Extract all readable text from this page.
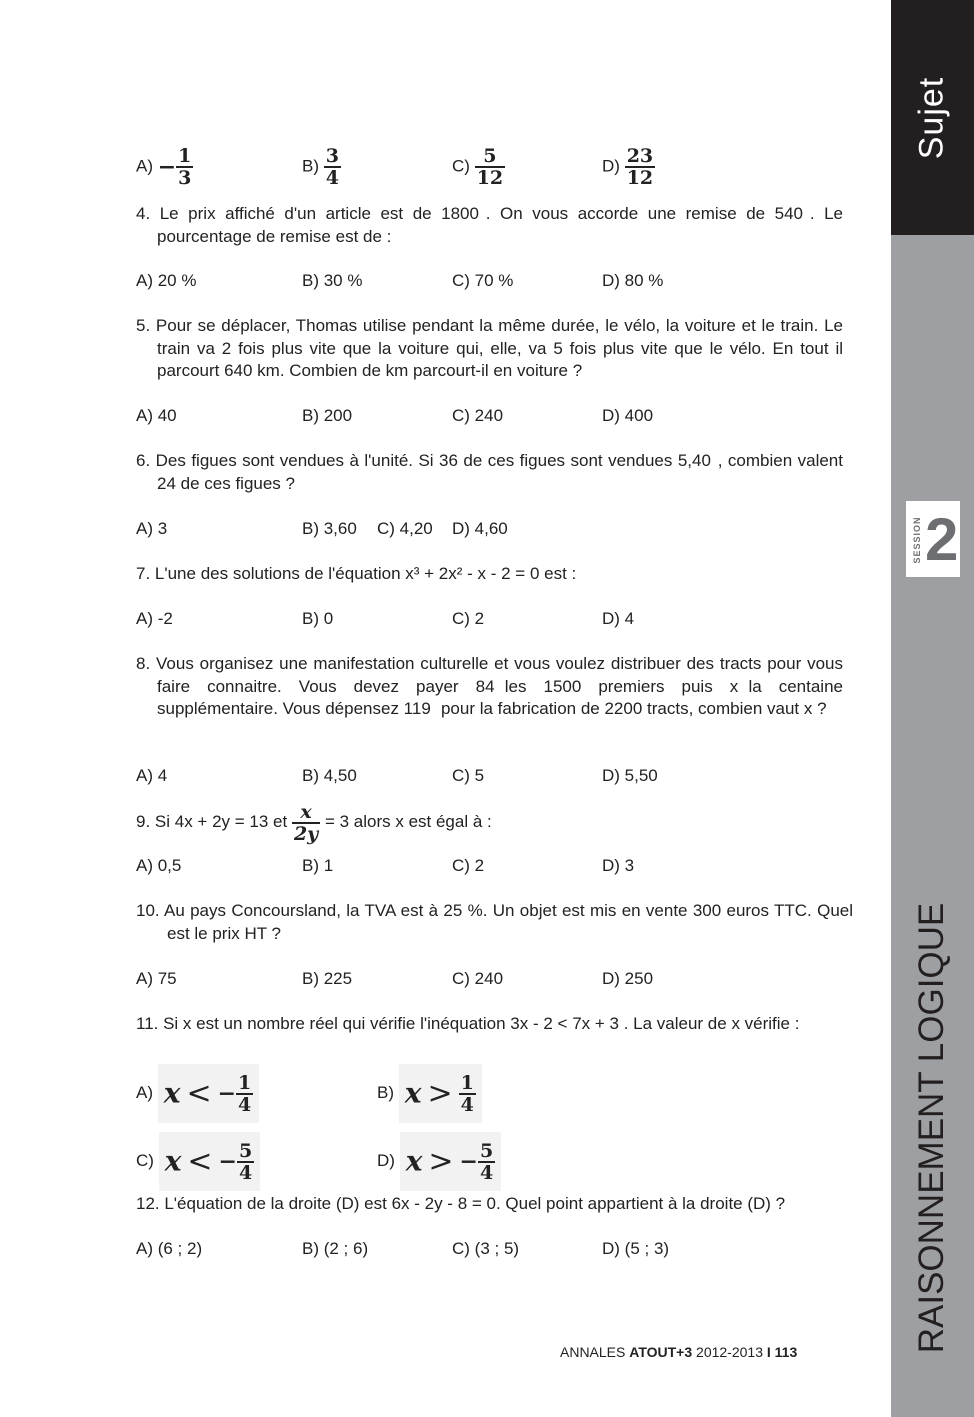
Sujet
SESSION 2
RAISONNEMENT LOGIQUE
$A) - \frac{1}{3}$	$B) \frac{3}{4}$	$C) \frac{5}{12}$	$D) \frac{23}{12}$
4. Le prix affiché d'un article est de 1800  . On vous accorde une remise de 540  . Le pourcentage de remise est de :
A) 20 %	B) 30 %	C) 70 %	D) 80 %
5. Pour se déplacer, Thomas utilise pendant la même durée, le vélo, la voiture et le train. Le train va 2 fois plus vite que la voiture qui, elle, va 5 fois plus vite que le vélo. En tout il parcourt 640 km. Combien de km parcourt-il en voiture ?
A) 40	B) 200	C) 240	D) 400
6. Des figues sont vendues à l'unité. Si 36 de ces figues sont vendues 5,40  , combien valent 24 de ces figues ?
A) 3	B) 3,60 C) 4,20 D) 4,60
7. L'une des solutions de l'équation x³ + 2x² - x - 2 = 0 est :
A) -2	B) 0	C) 2	D) 4
8. Vous organisez une manifestation culturelle et vous voulez distribuer des tracts pour vous faire connaitre. Vous devez payer 84   les 1500 premiers puis x   la centaine supplémentaire. Vous dépensez 119   pour la fabrication de 2200 tracts, combien vaut x ?
A) 4	B) 4,50	C) 5	D) 5,50
9. Si 4x + 2y = 13 et $\frac{x}{2y} = 3$ alors x est égal à :
A) 0,5	B) 1	C) 2	D) 3
10. Au pays Concoursland, la TVA est à 25 %. Un objet est mis en vente 300 euros TTC. Quel est le prix HT ?
A) 75	B) 225	C) 240	D) 250
11. Si x est un nombre réel qui vérifie l'inéquation 3x - 2 < 7x + 3 . La valeur de x vérifie :
A) x < − $\frac{1}{4}$	B) $x > \frac{1}{4}$
C) x < − $\frac{5}{4}$	D) x > − $\frac{5}{4}$
12. L'équation de la droite (D) est 6x - 2y - 8 = 0. Quel point appartient à la droite (D) ?
A) (6 ; 2)	B) (2 ; 6)	C) (3 ; 5)	D) (5 ; 3)
ANNALES ATOUT+3 2012-2013 I 113
